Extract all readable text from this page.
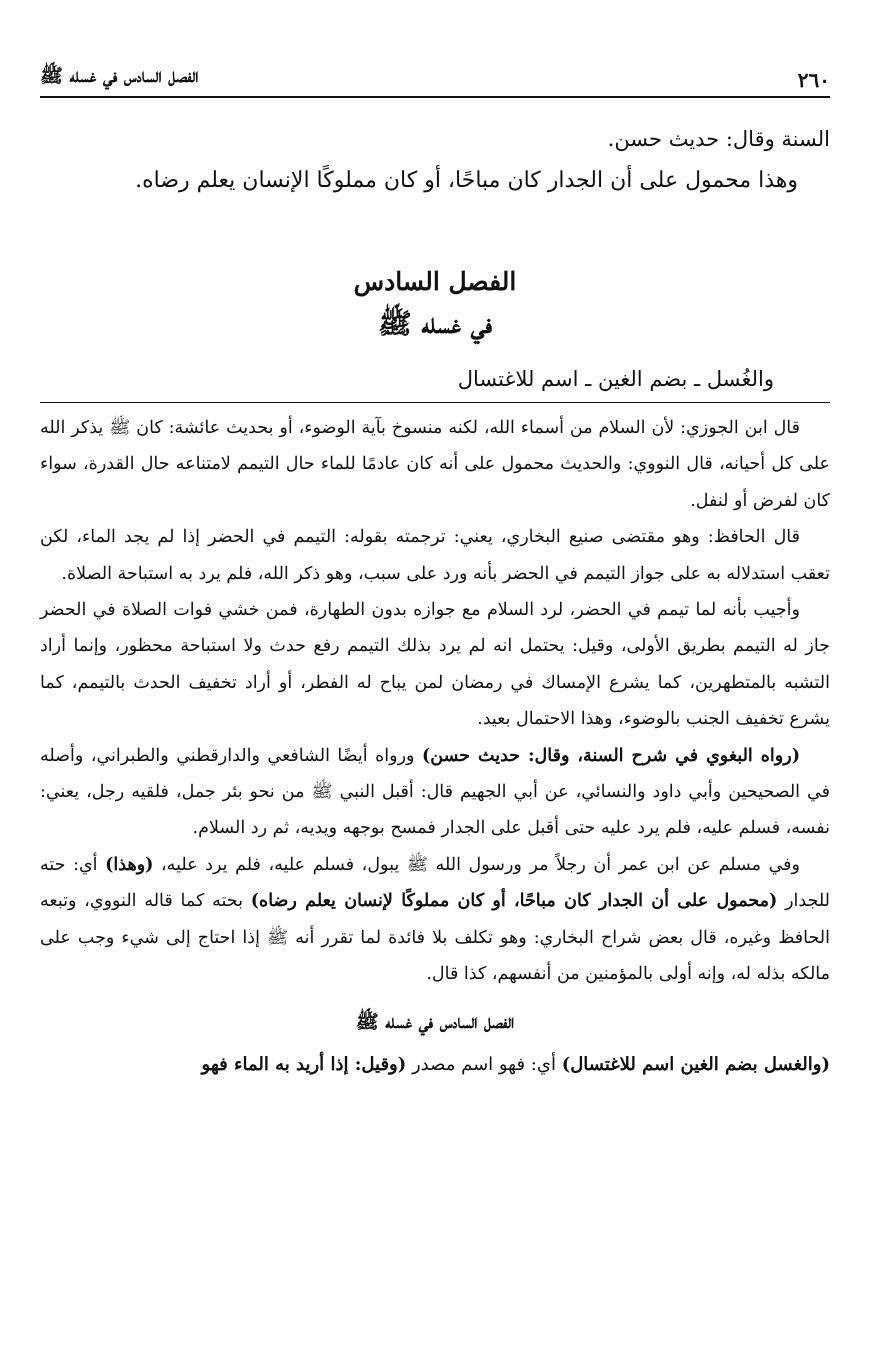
٢٦٠
الفصل السادس في غسله ﷺ

السنة وقال: حديث حسن.

وهذا محمول على أن الجدار كان مباحًا، أو كان مملوكًا الإنسان يعلم رضاه.

الفصل السادس
في غسله ﷺ
والغُسل ـ بضم الغين ـ اسم للاغتسال

قال ابن الجوزي: لأن السلام من أسماء الله، لكنه منسوخ بآية الوضوء، أو بحديث عائشة: كان ﷺ يذكر الله على كل أحيانه، قال النووي: والحديث محمول على أنه كان عادمًا للماء حال التيمم لامتناعه حال القدرة، سواء كان لفرض أو لنفل.

قال الحافظ: وهو مقتضى صنيع البخاري، يعني: ترجمته بقوله: التيمم في الحضر إذا لم يجد الماء، لكن تعقب استدلاله به على جواز التيمم في الحضر بأنه ورد على سبب، وهو ذكر الله، فلم يرد به استباحة الصلاة.

وأجيب بأنه لما تيمم في الحضر، لرد السلام مع جوازه بدون الطهارة، فمن خشي فوات الصلاة في الحضر جاز له التيمم بطريق الأولى، وقيل: يحتمل انه لم يرد بذلك التيمم رفع حدث ولا استباحة محظور، وإنما أراد التشبه بالمتطهرين، كما يشرع الإمساك في رمضان لمن يباح له الفطر، أو أراد تخفيف الحدث بالتيمم، كما يشرع تخفيف الجنب بالوضوء، وهذا الاحتمال بعيد.

(رواه البغوي في شرح السنة، وقال: حديث حسن) ورواه أيضًا الشافعي والدارقطني والطبراني، وأصله في الصحيحين وأبي داود والنسائي، عن أبي الجهيم قال: أقبل النبي ﷺ من نحو بئر جمل، فلقيه رجل، يعني: نفسه، فسلم عليه، فلم يرد عليه حتى أقبل على الجدار فمسح بوجهه ويديه، ثم رد السلام.

وفي مسلم عن ابن عمر أن رجلاً مر ورسول الله ﷺ يبول، فسلم عليه، فلم يرد عليه، (وهذا) أي: حته للجدار (محمول على أن الجدار كان مباحًا، أو كان مملوكًا لإنسان يعلم رضاه) بحته كما قاله النووي، وتبعه الحافظ وغيره، قال بعض شراح البخاري: وهو تكلف بلا فائدة لما تقرر أنه ﷺ إذا احتاج إلى شيء وجب على مالكه بذله له، وإنه أولى بالمؤمنين من أنفسهم، كذا قال.

الفصل السادس في غسله ﷺ
(والغسل بضم الغين اسم للاغتسال) أي: فهو اسم مصدر (وقيل: إذا أريد به الماء فهو
